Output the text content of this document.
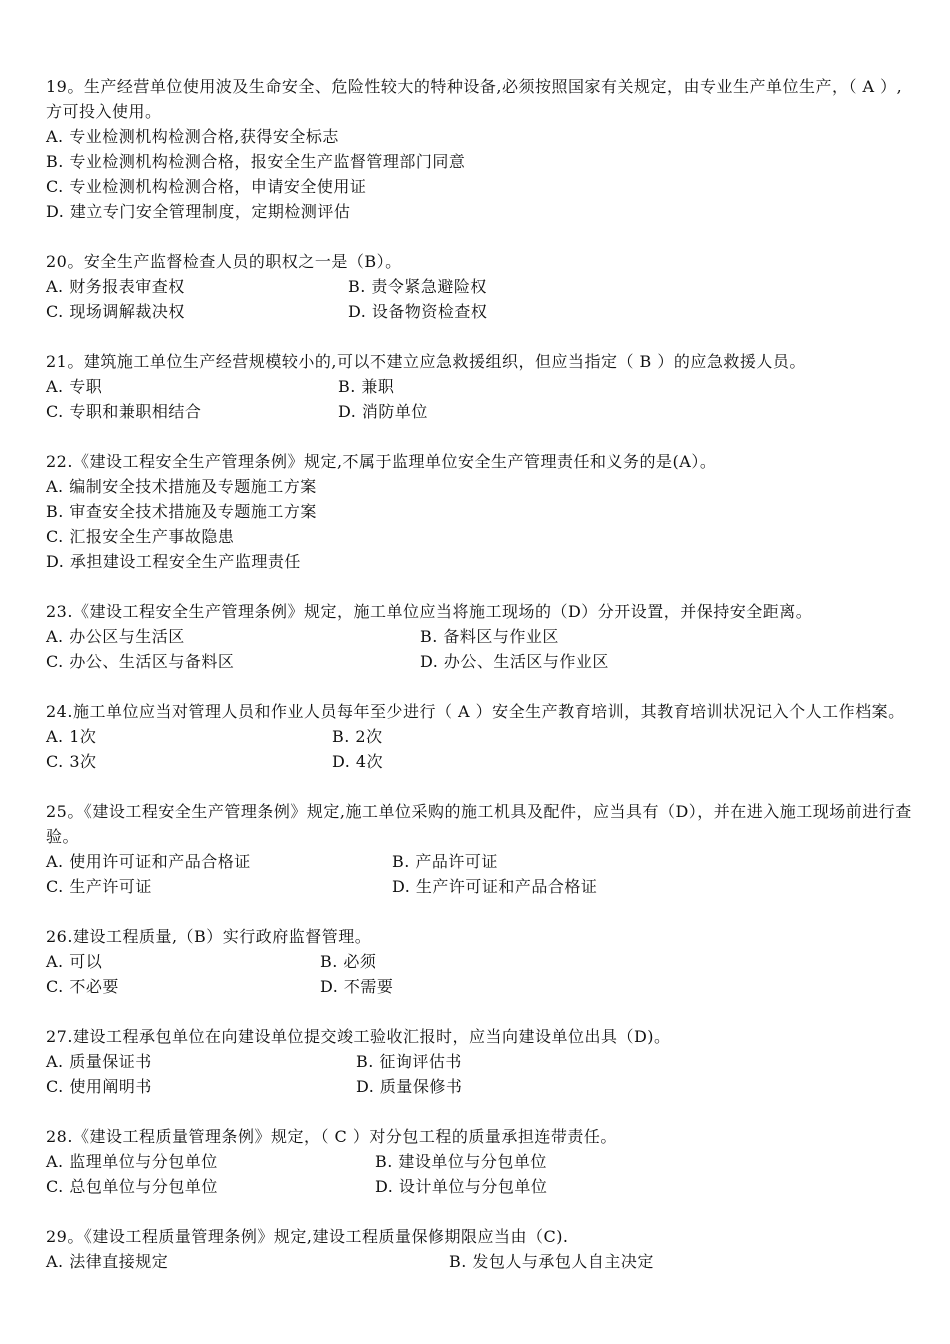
19。生产经营单位使用波及生命安全、危险性较大的特种设备,必须按照国家有关规定，由专业生产单位生产，（ A ）,方可投入使用。

A. 专业检测机构检测合格,获得安全标志
B. 专业检测机构检测合格，报安全生产监督管理部门同意
C. 专业检测机构检测合格，申请安全使用证
D. 建立专门安全管理制度，定期检测评估

20。安全生产监督检查人员的职权之一是（B）。

A. 财务报表审查权	B. 责令紧急避险权
C. 现场调解裁决权	D. 设备物资检查权

21。建筑施工单位生产经营规模较小的,可以不建立应急救援组织，但应当指定（ B ）的应急救援人员。

A. 专职	B. 兼职
C. 专职和兼职相结合	D. 消防单位

22.《建设工程安全生产管理条例》规定,不属于监理单位安全生产管理责任和义务的是(A）。

A. 编制安全技术措施及专题施工方案
B. 审查安全技术措施及专题施工方案
C. 汇报安全生产事故隐患
D. 承担建设工程安全生产监理责任

23.《建设工程安全生产管理条例》规定，施工单位应当将施工现场的（D）分开设置，并保持安全距离。

A. 办公区与生活区	B. 备料区与作业区
C. 办公、生活区与备料区	D. 办公、生活区与作业区

24.施工单位应当对管理人员和作业人员每年至少进行（ A ）安全生产教育培训，其教育培训状况记入个人工作档案。

A. 1次	B. 2次
C. 3次	D. 4次

25。《建设工程安全生产管理条例》规定,施工单位采购的施工机具及配件，应当具有（D），并在进入施工现场前进行查验。

A. 使用许可证和产品合格证	B. 产品许可证
C. 生产许可证	D. 生产许可证和产品合格证

26.建设工程质量,（B）实行政府监督管理。

A. 可以	B. 必须
C. 不必要	D. 不需要

27.建设工程承包单位在向建设单位提交竣工验收汇报时，应当向建设单位出具（D)。

A. 质量保证书	B. 征询评估书
C. 使用阐明书	D. 质量保修书

28.《建设工程质量管理条例》规定，（ C ）对分包工程的质量承担连带责任。

A. 监理单位与分包单位	B. 建设单位与分包单位
C. 总包单位与分包单位	D. 设计单位与分包单位

29。《建设工程质量管理条例》规定,建设工程质量保修期限应当由（C).

A. 法律直接规定	B. 发包人与承包人自主决定
